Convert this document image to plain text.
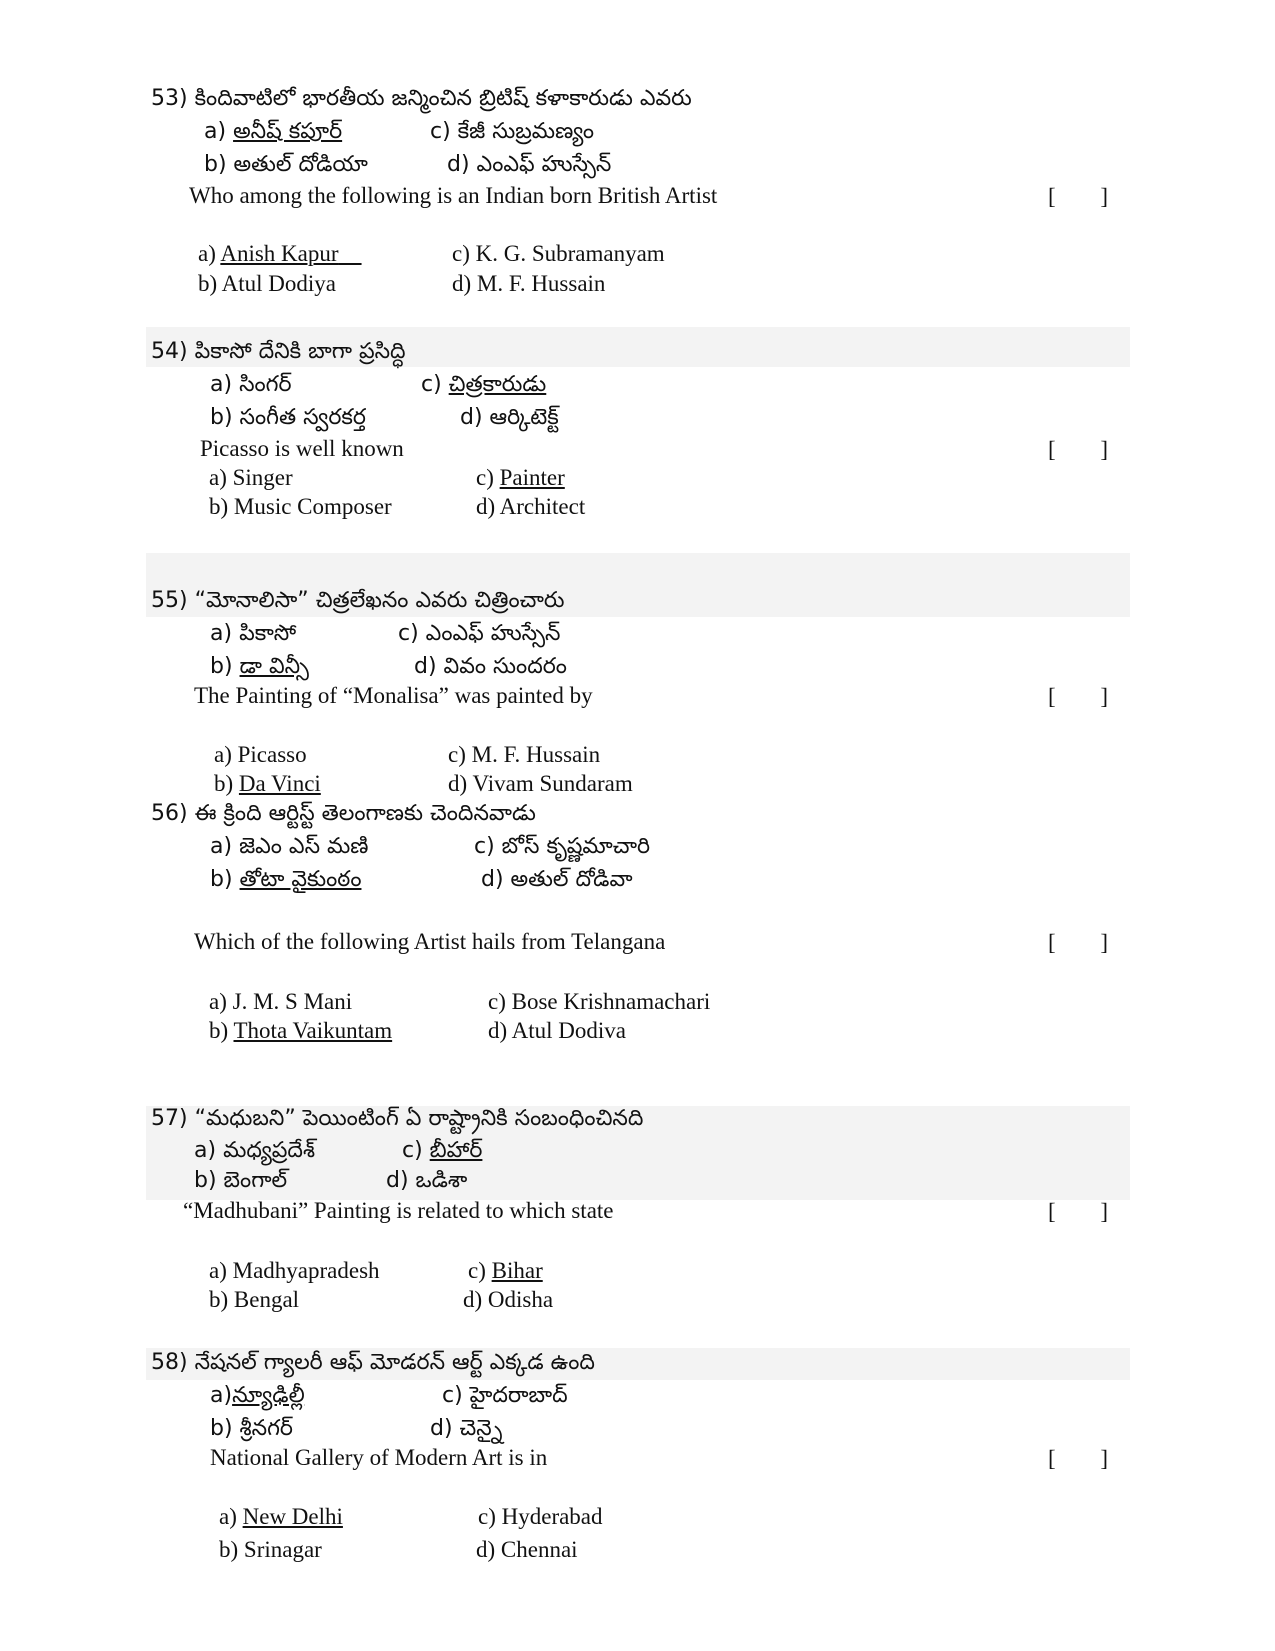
53) కిందివాటిలో భారతీయ జన్మించిన బ్రిటిష్ కళాకారుడు ఎవరు
a) అనీష్ కపూర్	c) కేజీ సుబ్రమణ్యం
b) అతుల్ దోడియా	d) ఎంఎఫ్ హుస్సేన్
Who among the following is an Indian born British Artist	[ ]
a) Anish Kapur  	c) K. G. Subramanyam
b) Atul Dodiya	d) M. F. Hussain
54) పికాసో దేనికి బాగా ప్రసిద్ధి
a) సింగర్	c) చిత్రకారుడు
b) సంగీత స్వరకర్త	d) ఆర్కిటెక్ట్
Picasso is well known	[ ]
a) Singer	c) Painter
b) Music Composer	d) Architect
55) “మోనాలిసా” చిత్రలేఖనం ఎవరు చిత్రించారు
a) పికాసో	c) ఎంఎఫ్ హుస్సేన్
b) డా విన్సీ	d) వివం సుందరం
The Painting of “Monalisa” was painted by	[ ]
a) Picasso	c) M. F. Hussain
b) Da Vinci	d) Vivam Sundaram
56) ఈ క్రింది ఆర్టిస్ట్ తెలంగాణకు చెందినవాడు
a) జెఎం ఎస్ మణి	c) బోస్ కృష్ణమాచారి
b) తోటా వైకుంఠం	d) అతుల్ దోడివా
Which of the following Artist hails from Telangana	[ ]
a) J. M. S Mani	c) Bose Krishnamachari
b) Thota Vaikuntam	d) Atul Dodiva
57) “మధుబని” పెయింటింగ్ ఏ రాష్ట్రానికి సంబంధించినది
a) మధ్యప్రదేశ్	c) బీహార్
b) బెంగాల్	d) ఒడిశా
“Madhubani” Painting is related to which state	[ ]
a) Madhyapradesh	c) Bihar
b) Bengal	d) Odisha
58) నేషనల్ గ్యాలరీ ఆఫ్ మోడరన్ ఆర్ట్ ఎక్కడ ఉంది
a)న్యూఢిల్లీ	c) హైదరాబాద్
b) శ్రీనగర్	d) చెన్నై
National Gallery of Modern Art is in	[ ]
a) New Delhi	c) Hyderabad
b) Srinagar	d) Chennai
